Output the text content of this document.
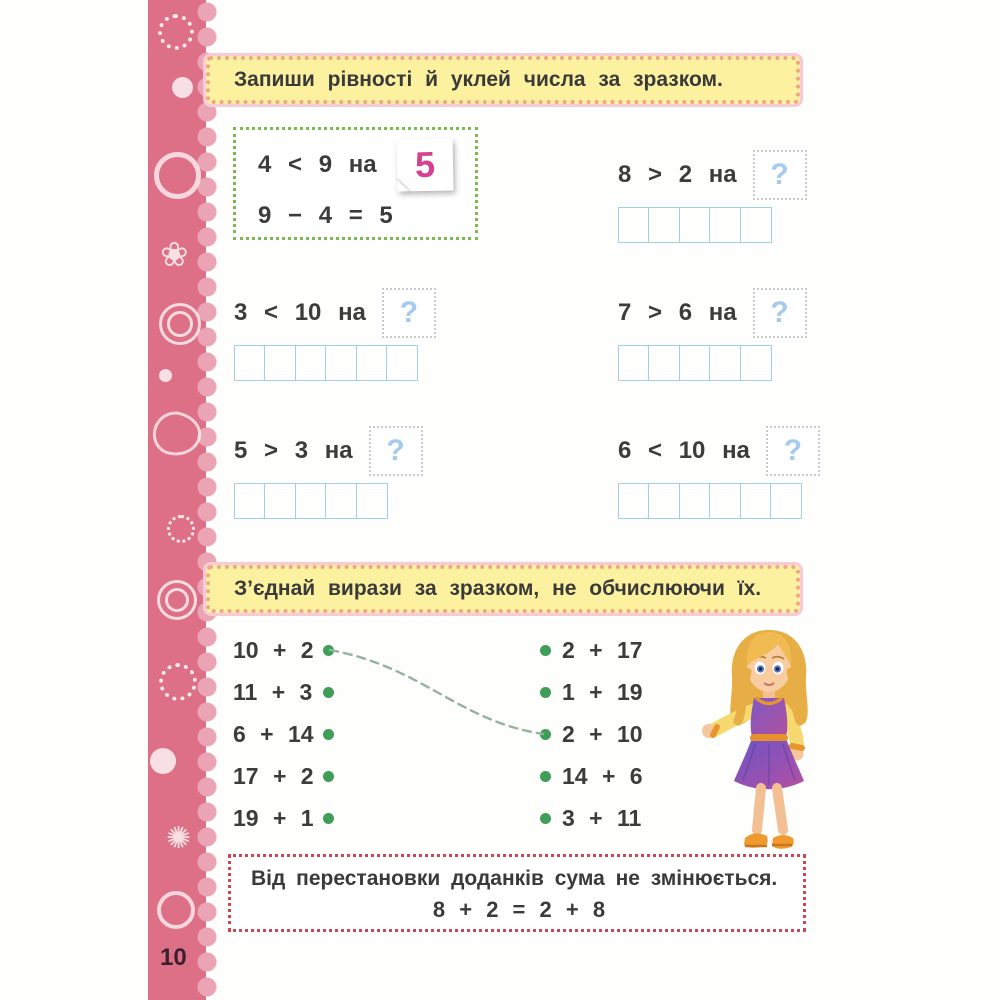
❀
✺
10
Запиши рівності й уклей числа за зразком.
4 < 9 на 5
9 − 4 = 5
8 > 2 на ?
3 < 10 на ?	7 > 6 на ?
5 > 3 на ?	6 < 10 на ?
З’єднай вирази за зразком, не обчислюючи їх.
10 + 2	2 + 17
11 + 3	1 + 19
6 + 14	2 + 10
17 + 2	14 + 6
19 + 1	3 + 11
Від перестановки доданків сума не змінюється.
8 + 2 = 2 + 8
